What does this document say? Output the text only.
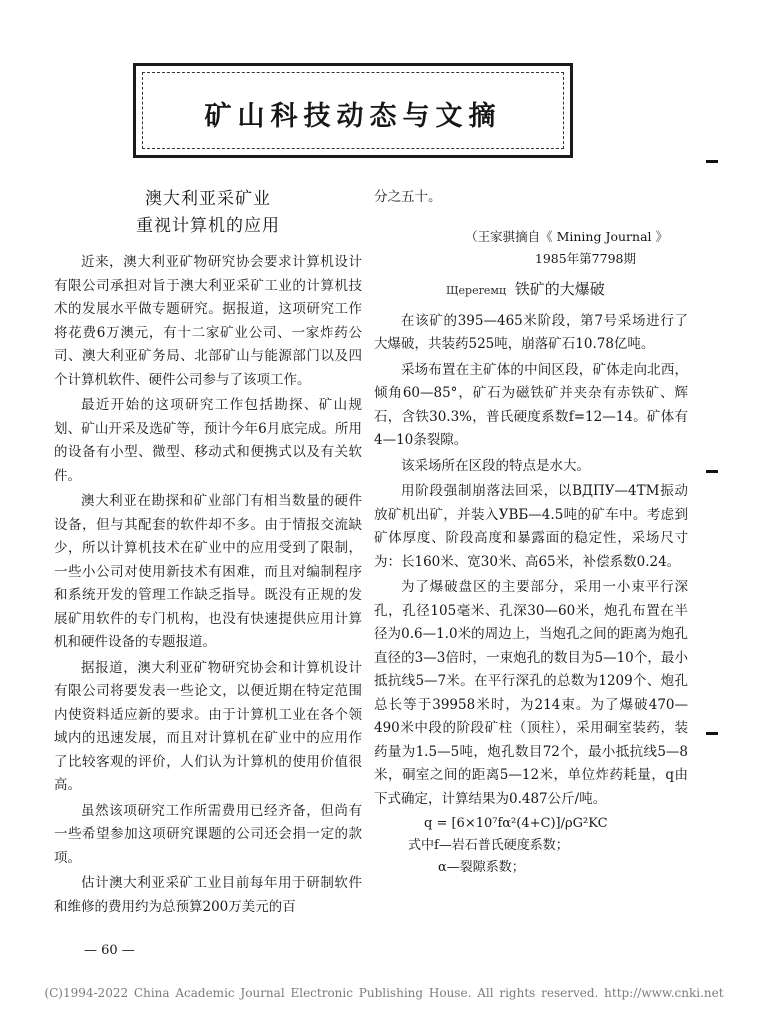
矿山科技动态与文摘
澳大利亚采矿业
重视计算机的应用

近来，澳大利亚矿物研究协会要求计算机设计有限公司承担对旨于澳大利亚采矿工业的计算机技术的发展水平做专题研究。据报道，这项研究工作将花费6万澳元，有十二家矿业公司、一家炸药公司、澳大利亚矿务局、北部矿山与能源部门以及四个计算机软件、硬件公司参与了该项工作。

最近开始的这项研究工作包括勘探、矿山规划、矿山开采及选矿等，预计今年6月底完成。所用的设备有小型、微型、移动式和便携式以及有关软件。

澳大利亚在勘探和矿业部门有相当数量的硬件设备，但与其配套的软件却不多。由于情报交流缺少，所以计算机技术在矿业中的应用受到了限制，一些小公司对使用新技术有困难，而且对编制程序和系统开发的管理工作缺乏指导。既没有正规的发展矿用软件的专门机构，也没有快速提供应用计算机和硬件设备的专题报道。

据报道，澳大利亚矿物研究协会和计算机设计有限公司将要发表一些论文，以便近期在特定范围内使资料适应新的要求。由于计算机工业在各个领域内的迅速发展，而且对计算机在矿业中的应用作了比较客观的评价，人们认为计算机的使用价值很高。

虽然该项研究工作所需费用已经齐备，但尚有一些希望参加这项研究课题的公司还会捐一定的款项。

估计澳大利亚采矿工业目前每年用于研制软件和维修的费用约为总预算200万美元的百

分之五十。

（王家骐摘自《 Mining Journal 》
1985年第7798期
Щеpеrемц 铁矿的大爆破

在该矿的395—465米阶段，第7号采场进行了大爆破，共装药525吨，崩落矿石10.78亿吨。

采场布置在主矿体的中间区段，矿体走向北西，倾角60—85°，矿石为磁铁矿并夹杂有赤铁矿、辉石，含铁30.3%，普氏硬度系数f=12—14。矿体有4—10条裂隙。

该采场所在区段的特点是水大。

用阶段强制崩落法回采，以ВДПУ—4ТМ振动放矿机出矿，并装入УВБ—4.5吨的矿车中。考虑到矿体厚度、阶段高度和暴露面的稳定性，采场尺寸为：长160米、宽30米、高65米，补偿系数0.24。

为了爆破盘区的主要部分，采用一小束平行深孔，孔径105毫米、孔深30—60米，炮孔布置在半径为0.6—1.0米的周边上，当炮孔之间的距离为炮孔直径的3—3倍时，一束炮孔的数目为5—10个，最小抵抗线5—7米。在平行深孔的总数为1209个、炮孔总长等于39958米时，为214束。为了爆破470—490米中段的阶段矿柱（顶柱），采用硐室装药，装药量为1.5—5吨，炮孔数目72个，最小抵抗线5—8米，硐室之间的距离5—12米，单位炸药耗量，q由下式确定，计算结果为0.487公斤/吨。

q = [6×10⁷fα²(4+C)]/ρG²KC
式中f—岩石普氏硬度系数；
α—裂隙系数；
— 60 —
(C)1994-2022 China Academic Journal Electronic Publishing House. All rights reserved. http://www.cnki.net
